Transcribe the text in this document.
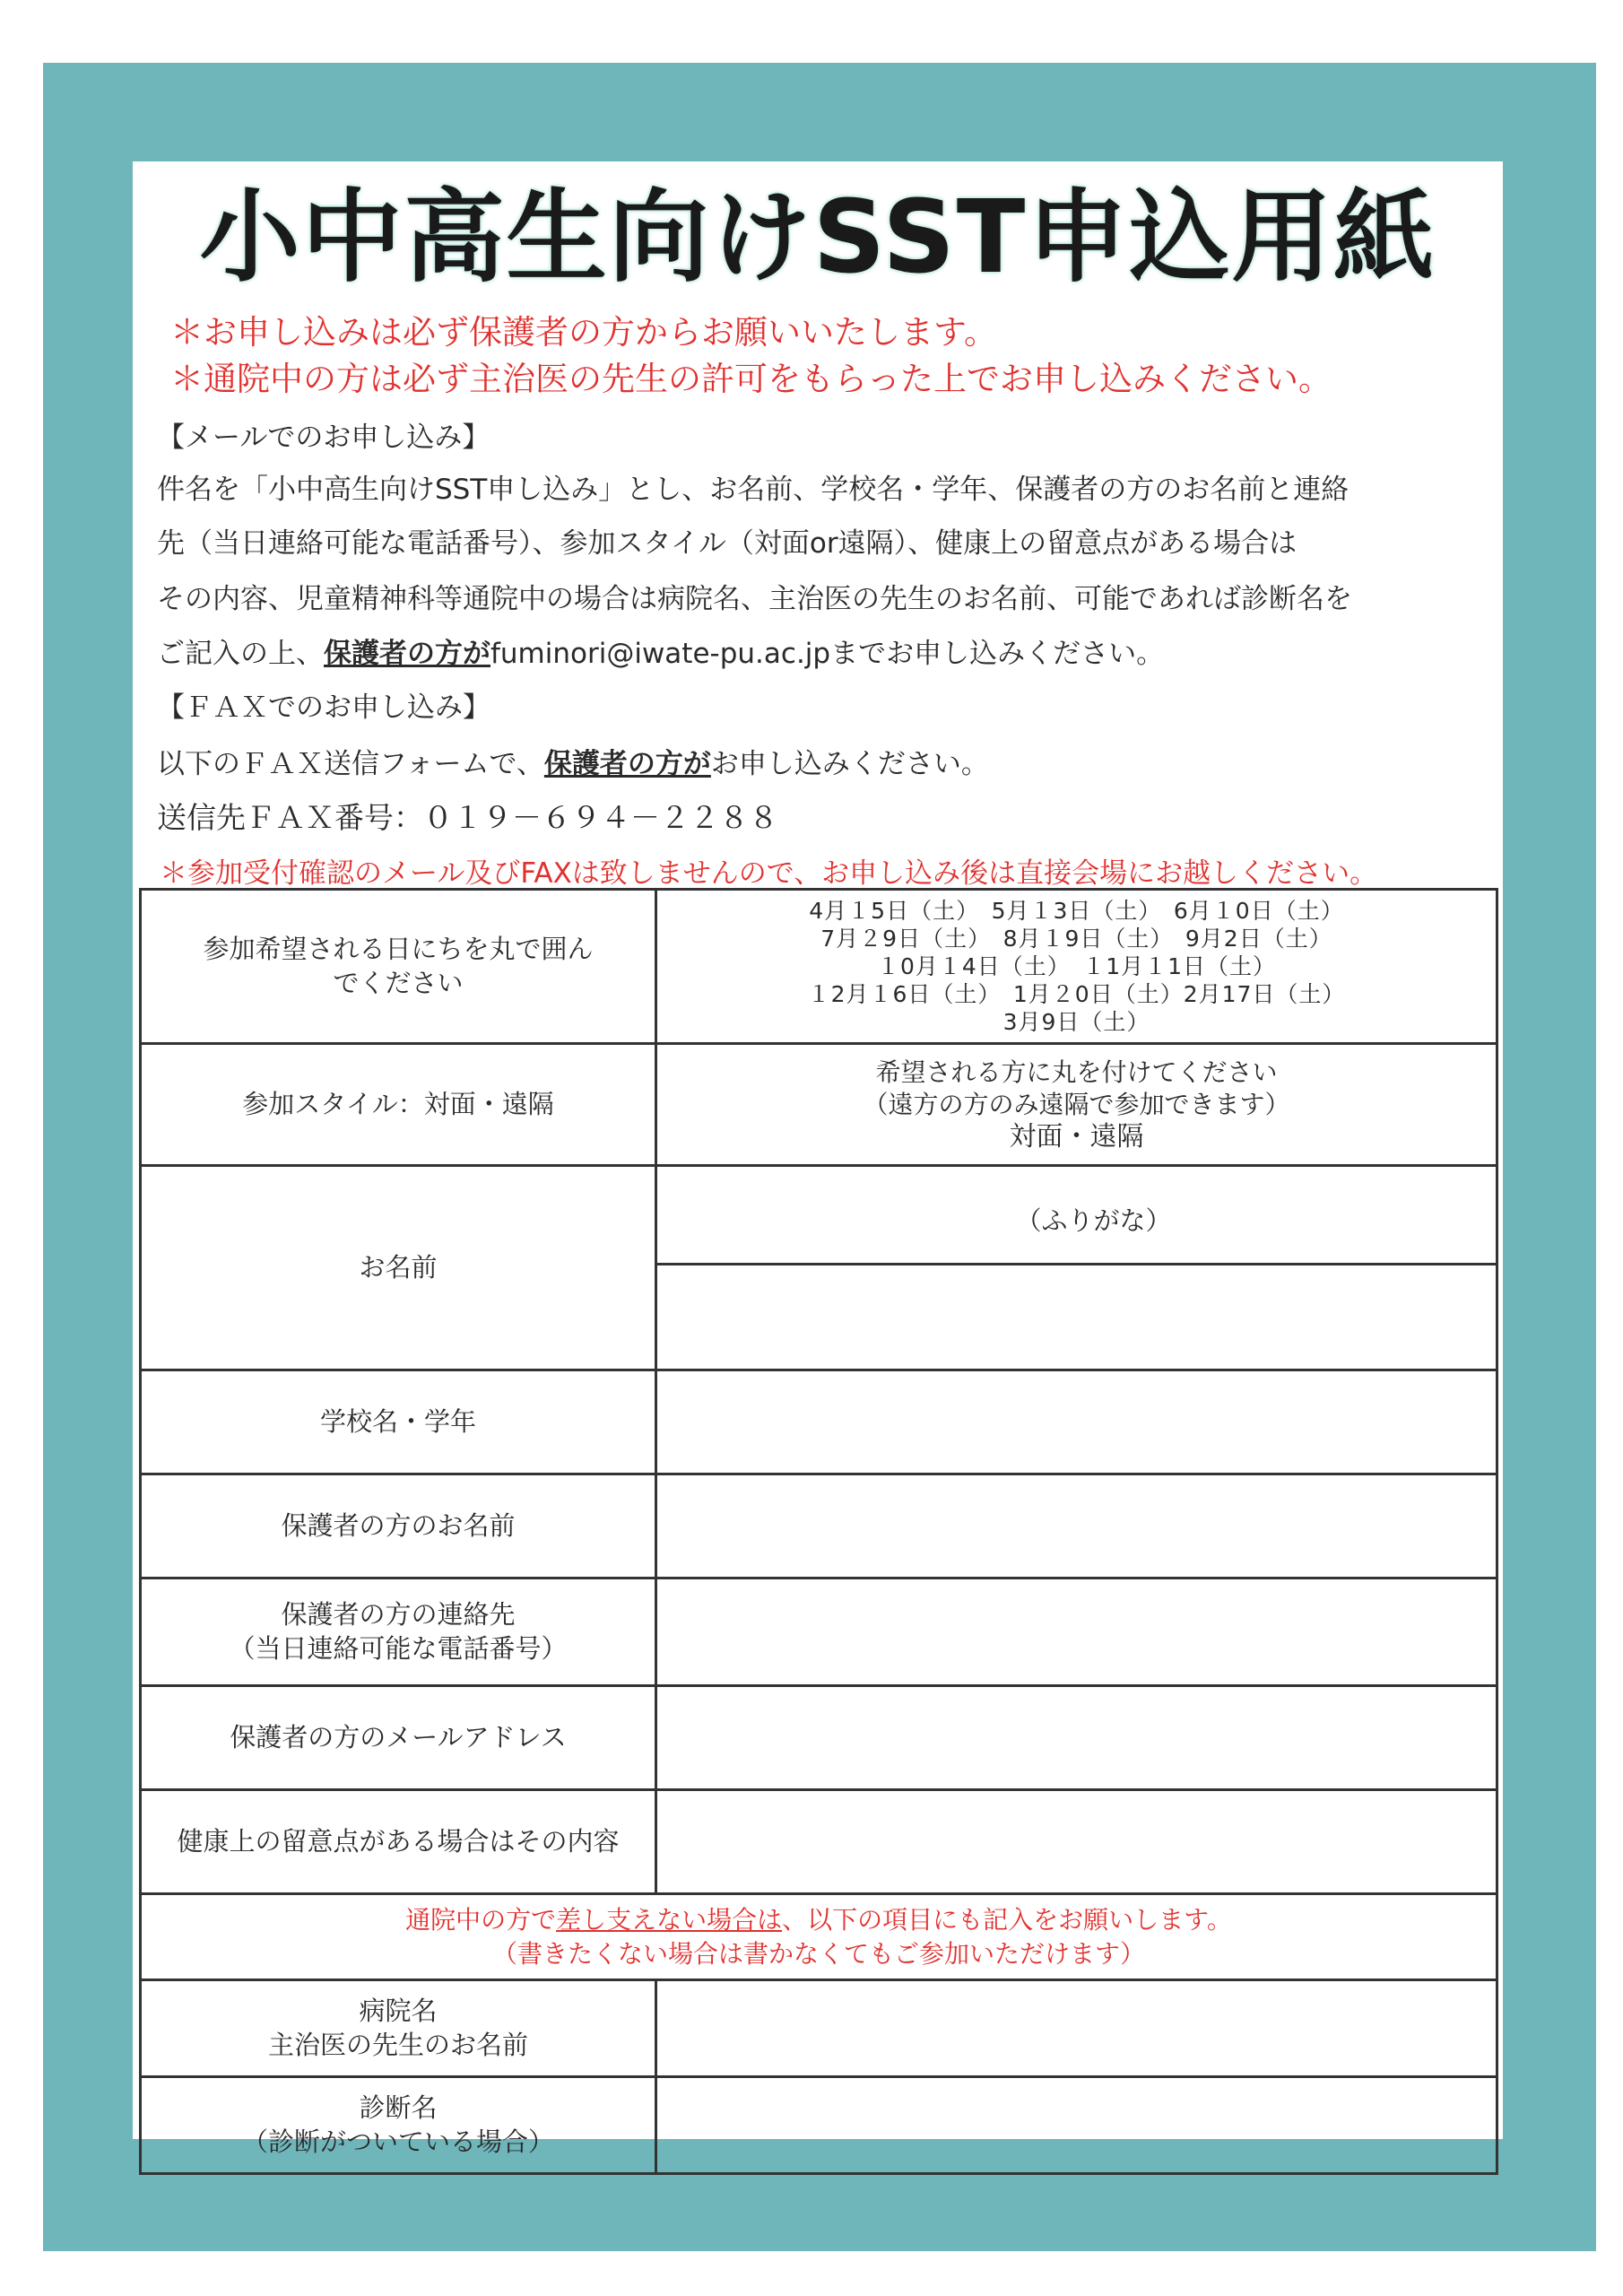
小中高生向けSST申込用紙
＊お申し込みは必ず保護者の方からお願いいたします。
＊通院中の方は必ず主治医の先生の許可をもらった上でお申し込みください。
【メールでのお申し込み】
件名を「小中高生向けSST申し込み」とし、お名前、学校名・学年、保護者の方のお名前と連絡
先（当日連絡可能な電話番号）、参加スタイル（対面or遠隔）、健康上の留意点がある場合は
その内容、児童精神科等通院中の場合は病院名、主治医の先生のお名前、可能であれば診断名を
ご記入の上、保護者の方がfuminori@iwate-pu.ac.jpまでお申し込みください。
【ＦＡＸでのお申し込み】
以下のＦＡＸ送信フォームで、保護者の方がお申し込みください。
送信先ＦＡＸ番号：０１９－６９４－２２８８
＊参加受付確認のメール及びFAXは致しませんので、お申し込み後は直接会場にお越しください。
参加希望される日にちを丸で囲んでください	4月１5日（土）　5月１3日（土）　6月１0日（土）
7月２9日（土）　8月１9日（土）　9月2日（土）
１0月１4日（土）　１1月１1日（土）
１2月１6日（土）　1月２0日（土）2月17日（土）
3月9日（土）

参加スタイル：対面・遠隔	希望される方に丸を付けてください
（遠方の方のみ遠隔で参加できます）
対面・遠隔

お名前	（ふりがな）

学校名・学年	
保護者の方のお名前	

保護者の方の連絡先
（当日連絡可能な電話番号）	

保護者の方のメールアドレス	
健康上の留意点がある場合はその内容	

通院中の方で差し支えない場合は、以下の項目にも記入をお願いします。
（書きたくない場合は書かなくてもご参加いただけます）	

病院名
主治医の先生のお名前	

診断名
（診断がついている場合）	
